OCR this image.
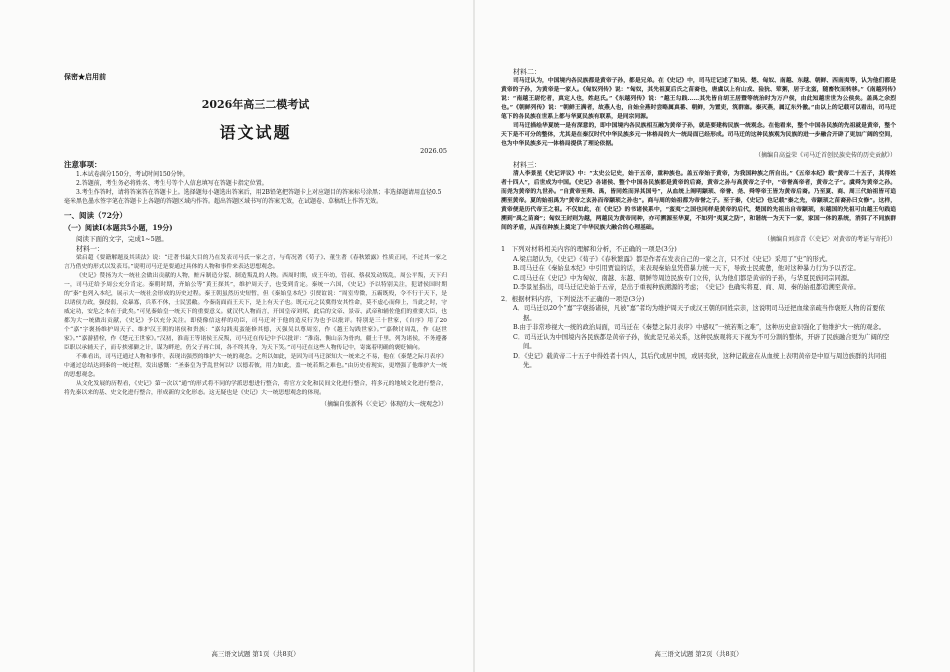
保密★启用前
2026年高三二模考试
语文试题
2026.05
注意事项：

1.本试卷满分150分，考试时间150分钟。

2.答题前，考生务必将姓名、考生号等个人信息填写在答题卡指定位置。

3.考生作答时，请将答案答在答题卡上。选择题每小题选出答案后，用2B铅笔把答题卡上对应题目的答案标号涂黑；非选择题请用直径0.5毫米黑色墨水签字笔在答题卡上各题的答题区域内作答。超出答题区域书写的答案无效，在试题卷、草稿纸上作答无效。

一、阅读（72分）
（一）阅读Ⅰ(本题共5小题，19分)
阅读下面的文字，完成1~5题。
材料一：

梁启超《要籍解题及其读法》说：“迁著书最大目的乃在发表司马氏一家之言，与荀况著《荀子》、董生著《春秋繁露》性质正同，不过其一家之言乃借史的形式以发表耳。”说明司马迁是要通过具体的人物和事件来表达思想观念。

《史记》赞扬为大一统社会做出贡献的人物，赃斥制造分裂、制造叛乱的人物。西周时期，成王年幼，管叔、蔡叔发动叛乱，周公平叛，天下归一，司马迁给予周公充分肯定。秦朝时期，齐始公等“黄王探其”，维护周天子，也受到肯定。秦统一六国，《史记》予以特别关注，犯谱侯国时期的“秦”也列入本纪，展示大一统社会形成的历史过程。秦王朝虽然历史短暂，但《秦始皇本纪》引贾谊说：“周室卑微，五霸既殁，令不行于天下，是以诸侯力政，强侵弱，众暴寡，兵革不休，士民罢敝。今秦南面而王天下，是上有天子也。既元元之民冀得安其性命，莫不虚心而仰上，当此之时，守威定功，安危之本在于此矣。”可见秦始皇一统天下的重要意义。就汉代人物而言，开国皇帝刘邦，此后的文帝、景帝、武帝和辅佐他们的重要大臣，也都为大一统做出贡献，《史记》予以充分关注。即使像信这样的功臣，司马迁对于他的造反行为也予以批评。特别是三十世家，《自序》用了20个“嘉”字褒扬维护周天子、维护汉王朝的诸侯和贵族：“嘉勾践夷蛮能修其德，灭强吴以尊周室，作《越王勾践世家》。”“嘉鞅讨周乱，作《赵世家》。”“嘉游猎栓，作《楚元王世家》。”汉初，淮南王等诸侯王反叛，司马迁在传记中予以批评：“淮南、衡山亲为骨肉，疆土千里，列为诸侯，不务遵蕃臣职以承辅天子，而专挟邪僻之计，谋为畔逆，仍父子再亡国，各不终其身，为天下笑。”司马迁在这些人物传记中，寄寓着明确的褒贬倾向。

不难看出，司马迁通过人物和事件，表现出强烈的维护大一统的观念。之所以如此，是因为司马迁深知大一统来之不易，他在《秦楚之际月表序》中通过总结达到秦的一统过程，发出感慨：“圣秦皇为乎乱世何以？以德若彼，用力如此，盖一统若斯之难也。”由历史看现实，更增强了他维护大一统的思想观念。

从文化发展的历程看，《史记》第一次以“通”的形式将不同的学派思想进行整合，将官方文化和民间文化进行整合，将多元的地域文化进行整合，将先秦以来的基、史文化进行整合，形成新的文化形态。这无疑也是《史记》大一统思想观念的体现。

（摘编自张新科《〈史记〉体现的大一统观念》）

高三语文试题 第1页（共8页）
材料二：

司马迁认为，中国境内各民族都是黄帝子孙，都是兄弟。在《史记》中，司马迁记述了如吴、楚、匈奴、南越、东越、朝鲜、西南夷等，认为他们都是黄帝的子孙，为黄帝是一家人。《匈奴列传》说：“匈奴，其先祖夏后氏之苗裔也，唐虞以上有山戎、猃狁、荤粥，居于北蛮，随畜牧而转移。”《南越列传》说：“南越王尉佗者，真定人也，姓赵氏。”《东越列传》说：“越王勾践……其先皆自胡王居暨等统治时为万户侯，由此知越世世为公侯矣。盖禹之余烈也。”《朝鲜列传》说：“朝鲜王满者，故燕人也，自始全燕时尝略属真番、朝鲜，为置吏，筑群塞。秦灭燕，属辽东外徼。”由以上的记载可以看出，司马迁笔下的各民族在世系上都与华夏民族有联系，是同宗同源。

司马迁描绘华夏统一是有深意的，即中国境内各民族相互融为黄帝子孙，就是要建构民族一统观念。在他看来，整个中国各民族的先祖就是黄帝，整个天下是不可分的整体，尤其是在秦汉时代中华民族多元一体格局的大一统局面已经形成。司马迁的这种民族观为民族的进一步融合开辟了更加广阔的空间，也为中华民族多元一体格局提供了理论依据。

（摘编自高益荣《司马迁首创民族史传的历史贡献》）

材料三：

清人李景星《史记评议》中：“太史公记史，始于五帝，重种族也。盖五帝始于黄帝，为我国种族之所自出。”《五帝本纪》载“黄帝二十五子，其得姓者十四人”，后世成为中国。《史记》各诸侯、整个中国各民族都是黄帝的后裔，黄帝之孙与高黄帝之子中，“帝誉高帝者，黄帝之子”。虞舜为黄帝之孙。而尧为黄帝的九世孙。“自黄帝至舜、禹，皆同姓而异其国号”，从血统上阐明颛顼、帝誉、尧、舜等帝王皆为黄帝后裔。乃至夏、商、周三代始祖皆可追溯至黄帝。夏的始祖禹为“黄帝之玄孙而帝颛顼之孙也”。商与周的始祖都为帝誉之子。至于秦，《史记》也记载“秦之先，帝颛顼之苗裔孙曰女修”。这样，黄帝便是历代帝王之祖。不仅如此，在《史记》的书诸侯系中，“蛮夷”之国也同样是黄帝的后代，楚国的先祖出自帝颛顼，东越国的先祖可由越王句践追溯到“禹之苗裔”；匈奴王封则为越，两越民为黄帝同种，亦可溯源至华夏，不如列“夷夏之防”，和谐统一为天下一家，家国一体的系统，消弭了不同族群间的矛盾，从而在种族上奠定了中华民族大融合的心理基础。

（摘编自刘彦青《〈史记〉对黄帝的考证与寄托》）

1　下列对材料相关内容的理解和分析，不正确的一项是(3分)
A.梁启超认为，《史记》《荀子》《春秋繁露》都是作者在发表自己的一家之言，只不过《史记》采用了“史”的形式。
B.司马迁在《秦始皇本纪》中引用贾谊的话，来表现秦始皇凭借暴力统一天下，导致士民疲惫，他对这种暴力行为予以否定。
C.司马迁在《史记》中为匈奴、南越、东越、朝鲜等周边民族专门立传，认为他们都是黄帝的子孙，与华夏民族同宗同源。
D.李景星指出，司马迁记史始于五帝，是出于重视种族溯源的考虑；　《史记》也确实将夏、商、周、秦的始祖都追溯至黄帝。
2．根据材料内容，下列说法不正确的一项是(3分)
A．司马迁以20个“嘉”字褒扬诸侯，凡被“嘉”者均为维护周天子或汉王朝的同姓宗亲，这说明司马迁把血缘亲疏当作褒贬人物的首要依据。
B.由于非常珍视大一统的政治局面，司马迁在《秦楚之际月表序》中感叹“一统若斯之难”，这种历史意识强化了他维护大一统的观念。
C．司马迁认为中国境内各民族都是黄帝子孙，彼此是兄弟关系，这种民族观将天下视为不可分割的整体，开辟了民族融合更为广阔的空间。
D．《史记》载黄帝二十五子中得姓者十四人，其后代或居中国，或居夷狄，这种记载意在从血统上表明黄帝是中原与周边族群的共同祖先。
高三语文试题 第2页（共8页）
